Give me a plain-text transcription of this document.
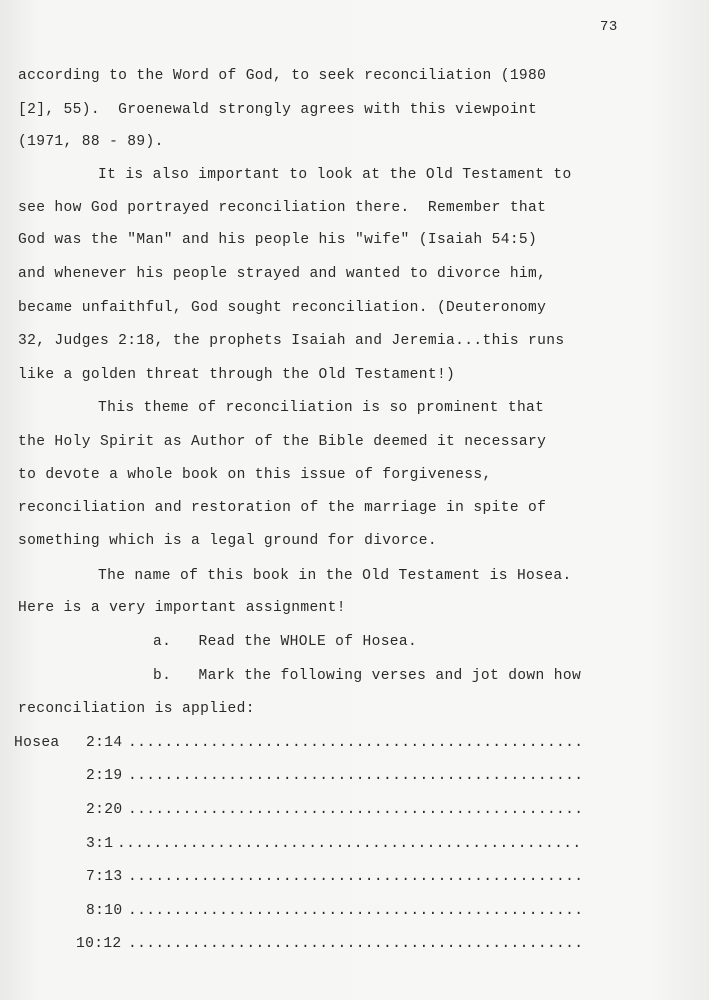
73
according to the Word of God, to seek reconciliation (1980
[2], 55).  Groenewald strongly agrees with this viewpoint
(1971, 88 - 89).
It is also important to look at the Old Testament to
see how God portrayed reconciliation there.  Remember that
God was the "Man" and his people his "wife" (Isaiah 54:5)
and whenever his people strayed and wanted to divorce him,
became unfaithful, God sought reconciliation. (Deuteronomy
32, Judges 2:18, the prophets Isaiah and Jeremia...this runs
like a golden threat through the Old Testament!)
This theme of reconciliation is so prominent that
the Holy Spirit as Author of the Bible deemed it necessary
to devote a whole book on this issue of forgiveness,
reconciliation and restoration of the marriage in spite of
something which is a legal ground for divorce.
The name of this book in the Old Testament is Hosea.
Here is a very important assignment!
a.   Read the WHOLE of Hosea.
b.   Mark the following verses and jot down how
reconciliation is applied:
Hosea 2:14 ..................................................
2:19 ..................................................
2:20 ..................................................
3:1 ...................................................
7:13 ..................................................
8:10 ..................................................
10:12 ..................................................
